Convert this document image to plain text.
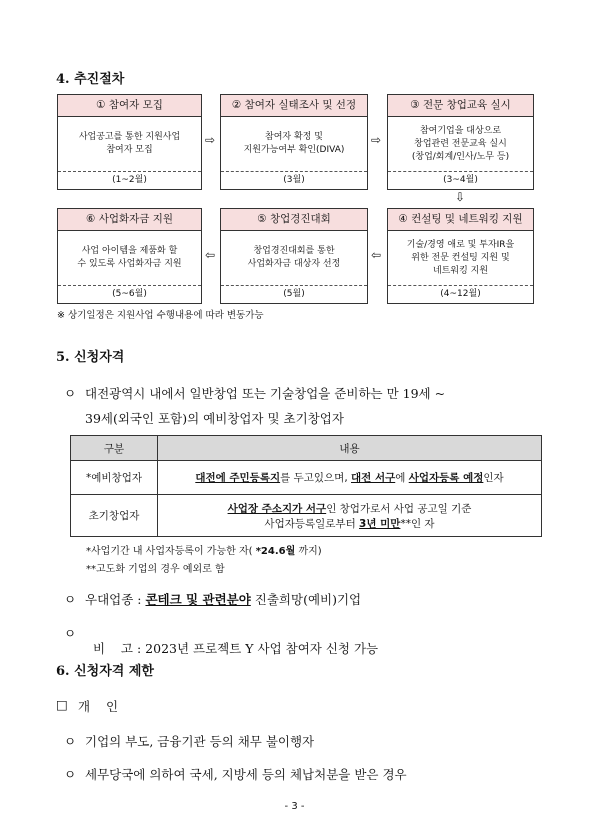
4. 추진절차
① 참여자 모집
사업공고를 통한 지원사업
참여자 모집
(1~2월)
⇨
② 참여자 실태조사 및 선정
참여자 확정 및
지원가능여부 확인(DIVA)
(3월)
⇨
③ 전문 창업교육 실시
참여기업을 대상으로
창업관련 전문교육 실시
(창업/회계/인사/노무 등)
(3~4월)
⇩
⑥ 사업화자금 지원
사업 아이템을 제품화 할
수 있도록 사업화자금 지원
(5~6월)
⇦
⑤ 창업경진대회
창업경진대회를 통한
사업화자금 대상자 선정
(5월)
⇦
④ 컨설팅 및 네트워킹 지원
기술/경영 애로 및 투자IR을
위한 전문 컨설팅 지원 및
네트워킹 지원
(4~12월)
※ 상기일정은 지원사업 수행내용에 따라 변동가능
5. 신청자격
ㅇ 대전광역시 내에서 일반창업 또는 기술창업을 준비하는 만 19세 ~
39세(외국인 포함)의 예비창업자 및 초기창업자
구분	내용
*예비창업자	대전에 주민등록지를 두고있으며, 대전 서구에 사업자등록 예정인자
초기창업자	사업장 주소지가 서구인 창업가로서 사업 공고일 기준
사업자등록일로부터 3년 미만**인 자
*사업기간 내 사업자등록이 가능한 자( *24.6월 까지)
**고도화 기업의 경우 예외로 함
ㅇ 우대업종 : 콘테크 및 관련분야 진출희망(예비)기업
ㅇ

비    고 : 2023년 프로젝트 Y 사업 참여자 신청 가능

6. 신청자격 제한
□ 개    인
ㅇ 기업의 부도, 금융기관 등의 채무 불이행자
ㅇ 세무당국에 의하여 국세, 지방세 등의 체납처분을 받은 경우
- 3 -
